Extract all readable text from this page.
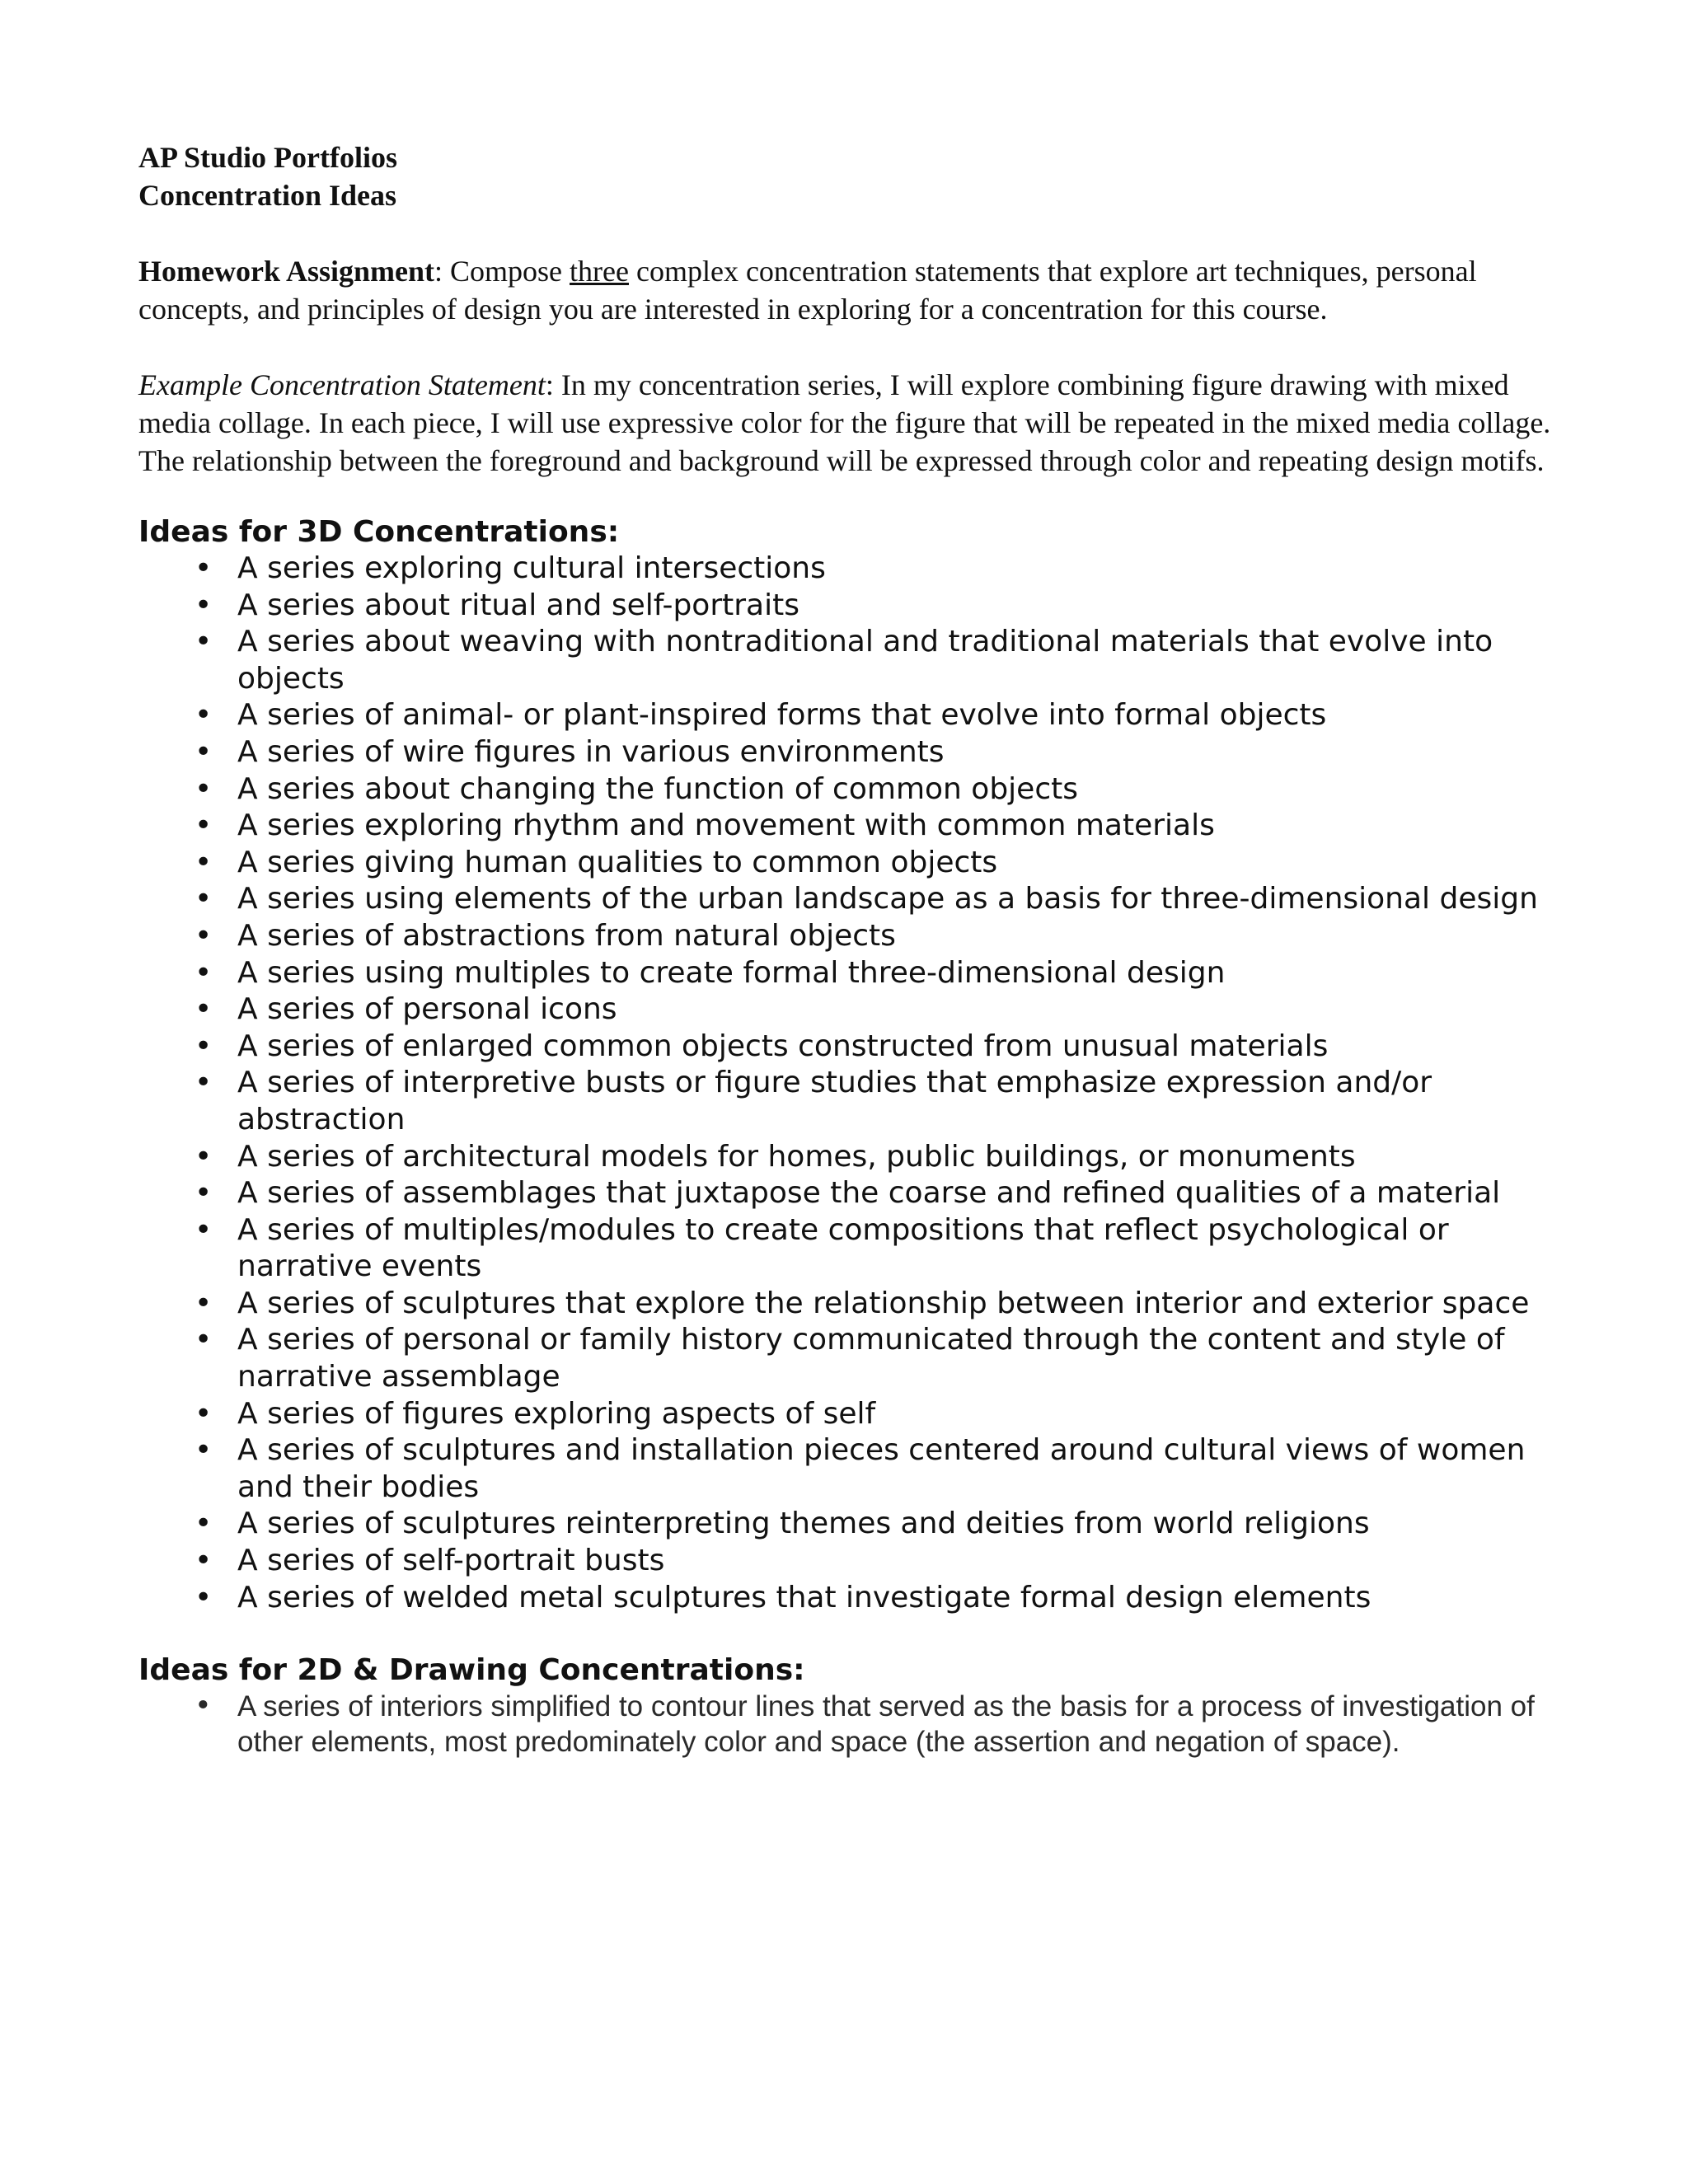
AP Studio Portfolios
Concentration Ideas

Homework Assignment: Compose three complex concentration statements that explore art techniques, personal concepts, and principles of design you are interested in exploring for a concentration for this course.

Example Concentration Statement: In my concentration series, I will explore combining figure drawing with mixed media collage. In each piece, I will use expressive color for the figure that will be repeated in the mixed media collage. The relationship between the foreground and background will be expressed through color and repeating design motifs.

Ideas for 3D Concentrations:
• A series exploring cultural intersections
• A series about ritual and self-portraits
• A series about weaving with nontraditional and traditional materials that evolve into objects
• A series of animal- or plant-inspired forms that evolve into formal objects
• A series of wire figures in various environments
• A series about changing the function of common objects
• A series exploring rhythm and movement with common materials
• A series giving human qualities to common objects
• A series using elements of the urban landscape as a basis for three-dimensional design
• A series of abstractions from natural objects
• A series using multiples to create formal three-dimensional design
• A series of personal icons
• A series of enlarged common objects constructed from unusual materials
• A series of interpretive busts or figure studies that emphasize expression and/or abstraction
• A series of architectural models for homes, public buildings, or monuments
• A series of assemblages that juxtapose the coarse and refined qualities of a material
• A series of multiples/modules to create compositions that reflect psychological or narrative events
• A series of sculptures that explore the relationship between interior and exterior space
• A series of personal or family history communicated through the content and style of narrative assemblage
• A series of figures exploring aspects of self
• A series of sculptures and installation pieces centered around cultural views of women and their bodies
• A series of sculptures reinterpreting themes and deities from world religions
• A series of self-portrait busts
• A series of welded metal sculptures that investigate formal design elements
Ideas for 2D & Drawing Concentrations:
• A series of interiors simplified to contour lines that served as the basis for a process of investigation of other elements, most predominately color and space (the assertion and negation of space).
